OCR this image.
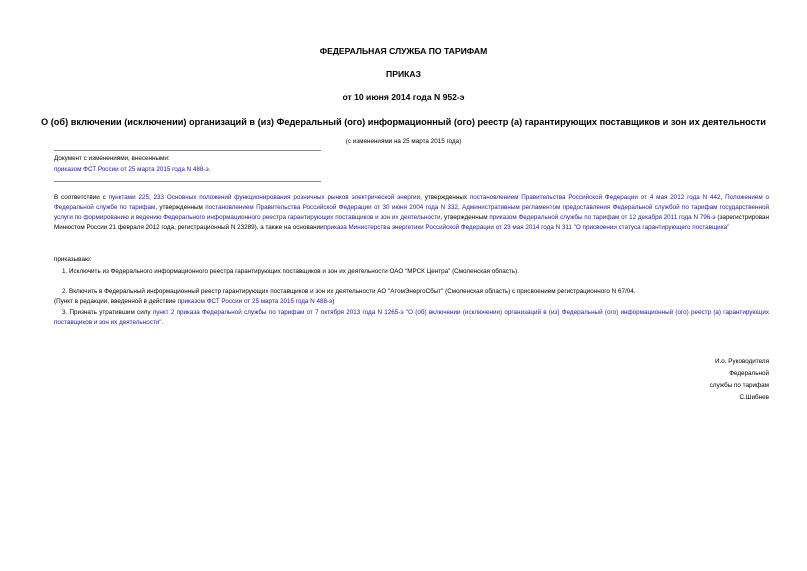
ФЕДЕРАЛЬНАЯ СЛУЖБА ПО ТАРИФАМ
ПРИКАЗ
от 10 июня 2014 года N 952-э
О (об) включении (исключении) организаций в (из) Федеральный (ого) информационный (ого) реестр (а) гарантирующих поставщиков и зон их деятельности
(с изменениями на 25 марта 2015 года)
Документ с изменениями, внесенными:
приказом ФСТ России от 25 марта 2015 года N 488-э.
В соответствии с пунктами 225, 233 Основных положений функционирования розничных рынков электрической энергии, утвержденных постановлением Правительства Российской Федерации от 4 мая 2012 года N 442, Положением о Федеральной службе по тарифам, утвержденным постановлением Правительства Российской Федерации от 30 июня 2004 года N 332, Административным регламентом предоставления Федеральной службой по тарифам государственной услуги по формированию и ведению Федерального информационного реестра гарантирующих поставщиков и зон их деятельности, утвержденным приказом Федеральной службы по тарифам от 12 декабря 2011 года N 796-э (зарегистрирован Минюстом России 21 февраля 2012 года, регистрационный N 23289), а также на основанииприказа Министерства энергетики Российской Федерации от 23 мая 2014 года N 311 "О присвоении статуса гарантирующего поставщика"
приказываю:
1. Исключить из Федерального информационного реестра гарантирующих поставщиков и зон их деятельности ОАО "МРСК Центра" (Смоленская область).
2. Включить в Федеральный информационный реестр гарантирующих поставщиков и зон их деятельности АО "АтомЭнергоСбыт" (Смоленская область) с присвоением регистрационного N 67/04.
(Пункт в редакции, введенной в действие приказом ФСТ России от 25 марта 2015 года N 488-э)
3. Признать утратившим силу пункт 2 приказа Федеральной службы по тарифам от 7 октября 2013 года N 1265-э "О (об) включении (исключении) организаций в (из) Федеральный (ого) информационный (ого) реестр (а) гарантирующих поставщиков и зон их деятельности".
И.о. Руководителя
Федеральной
службы по тарифам
С.Шибнев
